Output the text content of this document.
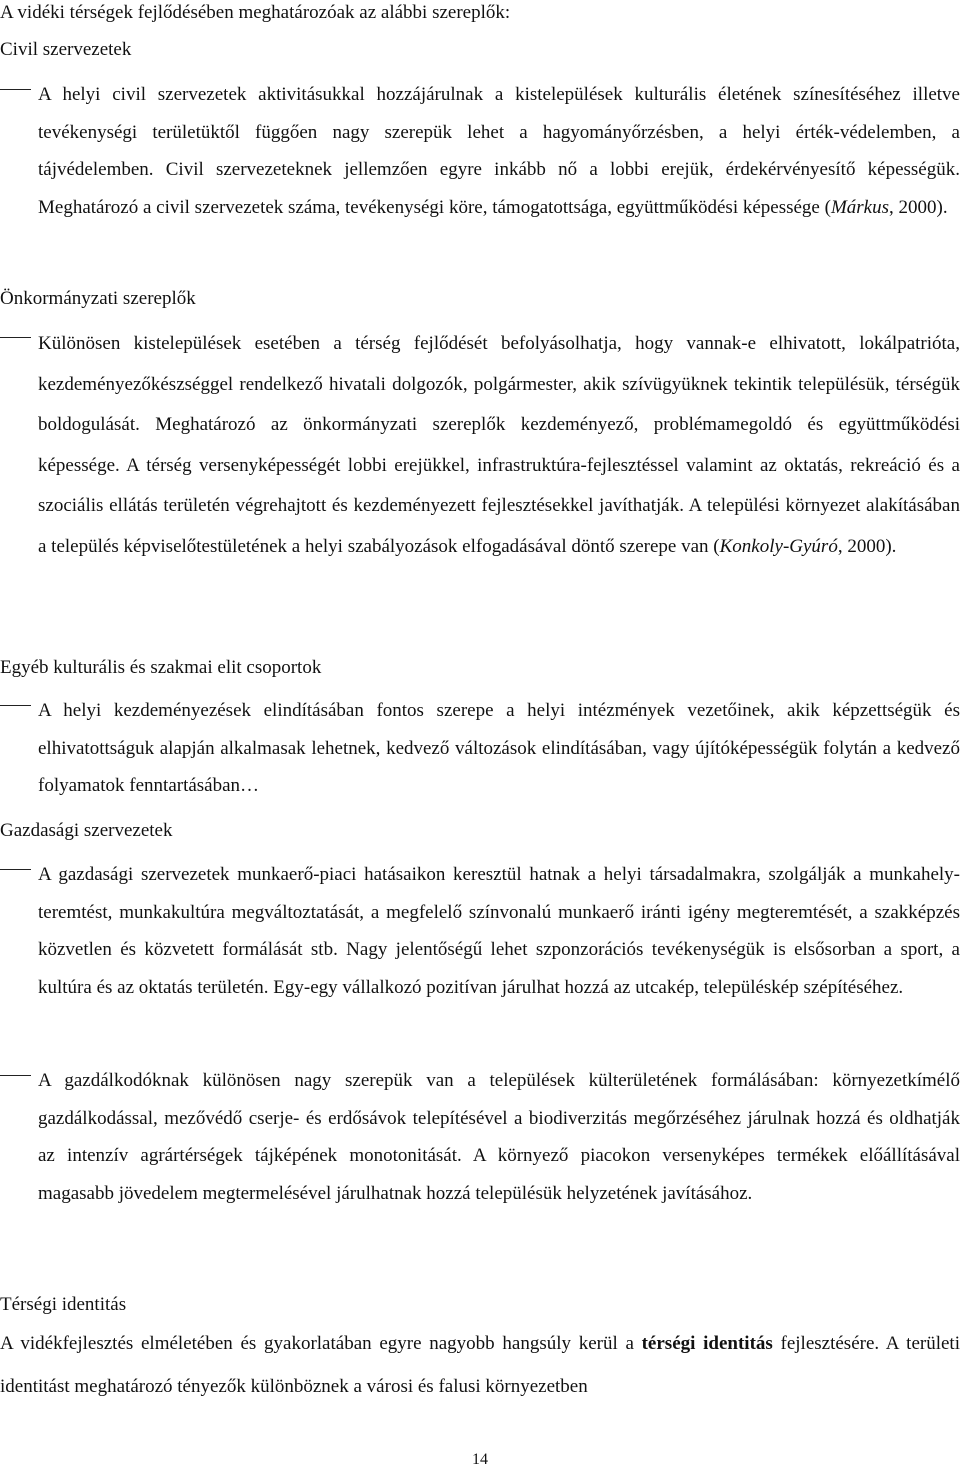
A vidéki térségek fejlődésében meghatározóak az alábbi szereplők:

Civil szervezetek

A helyi civil szervezetek aktivitásukkal hozzájárulnak a kistelepülések kulturális életének színesítéséhez illetve tevékenységi területüktől függően nagy szerepük lehet a hagyományőrzésben, a helyi érték-védelemben, a tájvédelemben. Civil szervezeteknek jellemzően egyre inkább nő a lobbi erejük, érdekérvényesítő képességük. Meghatározó a civil szervezetek száma, tevékenységi köre, támogatottsága, együttműködési képessége (Márkus, 2000).

Önkormányzati szereplők

Különösen kistelepülések esetében a térség fejlődését befolyásolhatja, hogy vannak-e elhivatott, lokálpatrióta, kezdeményezőkészséggel rendelkező hivatali dolgozók, polgármester, akik szívügyüknek tekintik településük, térségük boldogulását. Meghatározó az önkormányzati szereplők kezdeményező, problémamegoldó és együttműködési képessége. A térség versenyképességét lobbi erejükkel, infrastruktúra-fejlesztéssel valamint az oktatás, rekreáció és a szociális ellátás területén végrehajtott és kezdeményezett fejlesztésekkel javíthatják. A települési környezet alakításában a település képviselőtestületének a helyi szabályozások elfogadásával döntő szerepe van (Konkoly-Gyúró, 2000).

Egyéb kulturális és szakmai elit csoportok

A helyi kezdeményezések elindításában fontos szerepe a helyi intézmények vezetőinek, akik képzettségük és elhivatottságuk alapján alkalmasak lehetnek, kedvező változások elindításában, vagy újítóképességük folytán a kedvező folyamatok fenntartásában…

Gazdasági szervezetek

A gazdasági szervezetek munkaerő-piaci hatásaikon keresztül hatnak a helyi társadalmakra, szolgálják a munkahely-teremtést, munkakultúra megváltoztatását, a megfelelő színvonalú munkaerő iránti igény megteremtését, a szakképzés közvetlen és közvetett formálását stb. Nagy jelentőségű lehet szponzorációs tevékenységük is elsősorban a sport, a kultúra és az oktatás területén. Egy-egy vállalkozó pozitívan járulhat hozzá az utcakép, településkép szépítéséhez.

A gazdálkodóknak különösen nagy szerepük van a települések külterületének formálásában: környezetkímélő gazdálkodással, mezővédő cserje- és erdősávok telepítésével a biodiverzitás megőrzéséhez járulnak hozzá és oldhatják az intenzív agrártérségek tájképének monotonitását. A környező piacokon versenyképes termékek előállításával magasabb jövedelem megtermelésével járulhatnak hozzá településük helyzetének javításához.

Térségi identitás

A vidékfejlesztés elméletében és gyakorlatában egyre nagyobb hangsúly kerül a térségi identitás fejlesztésére. A területi identitást meghatározó tényezők különböznek a városi és falusi környezetben

14
